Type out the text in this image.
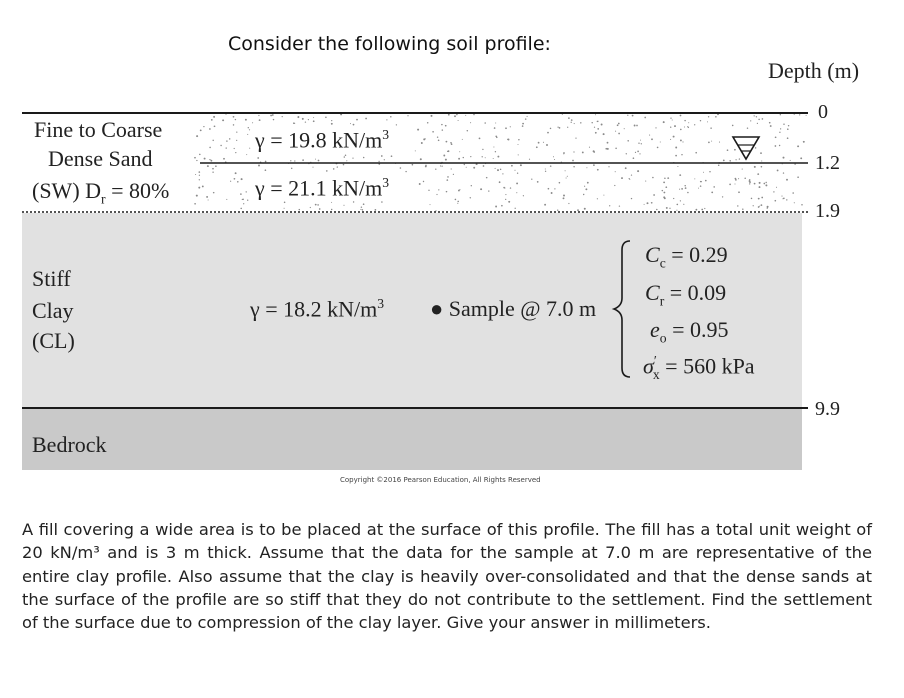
Consider the following soil profile:
Depth (m)
Fine to Coarse
Dense Sand
(SW) $D_r = 80\%$
γ = 19.8 $kN/m^3$
γ = 21.1 $kN/m^3$
Stiff
Clay
(CL)
γ = 18.2 $kN/m^3$ ● Sample @ 7.0 m
$C_c = 0.29$
$C_r = 0.09$
$e_o = 0.95$
$\sigma'_x = 560$ kPa
Bedrock
0
1.2
1.9
9.9
Copyright ©2016 Pearson Education, All Rights Reserved
A fill covering a wide area is to be placed at the surface of this profile. The fill has a total unit weight of 20 kN/m³ and is 3 m thick. Assume that the data for the sample at 7.0 m are representative of the entire clay profile. Also assume that the clay is heavily over-consolidated and that the dense sands at the surface of the profile are so stiff that they do not contribute to the settlement. Find the settlement of the surface due to compression of the clay layer. Give your answer in millimeters.
